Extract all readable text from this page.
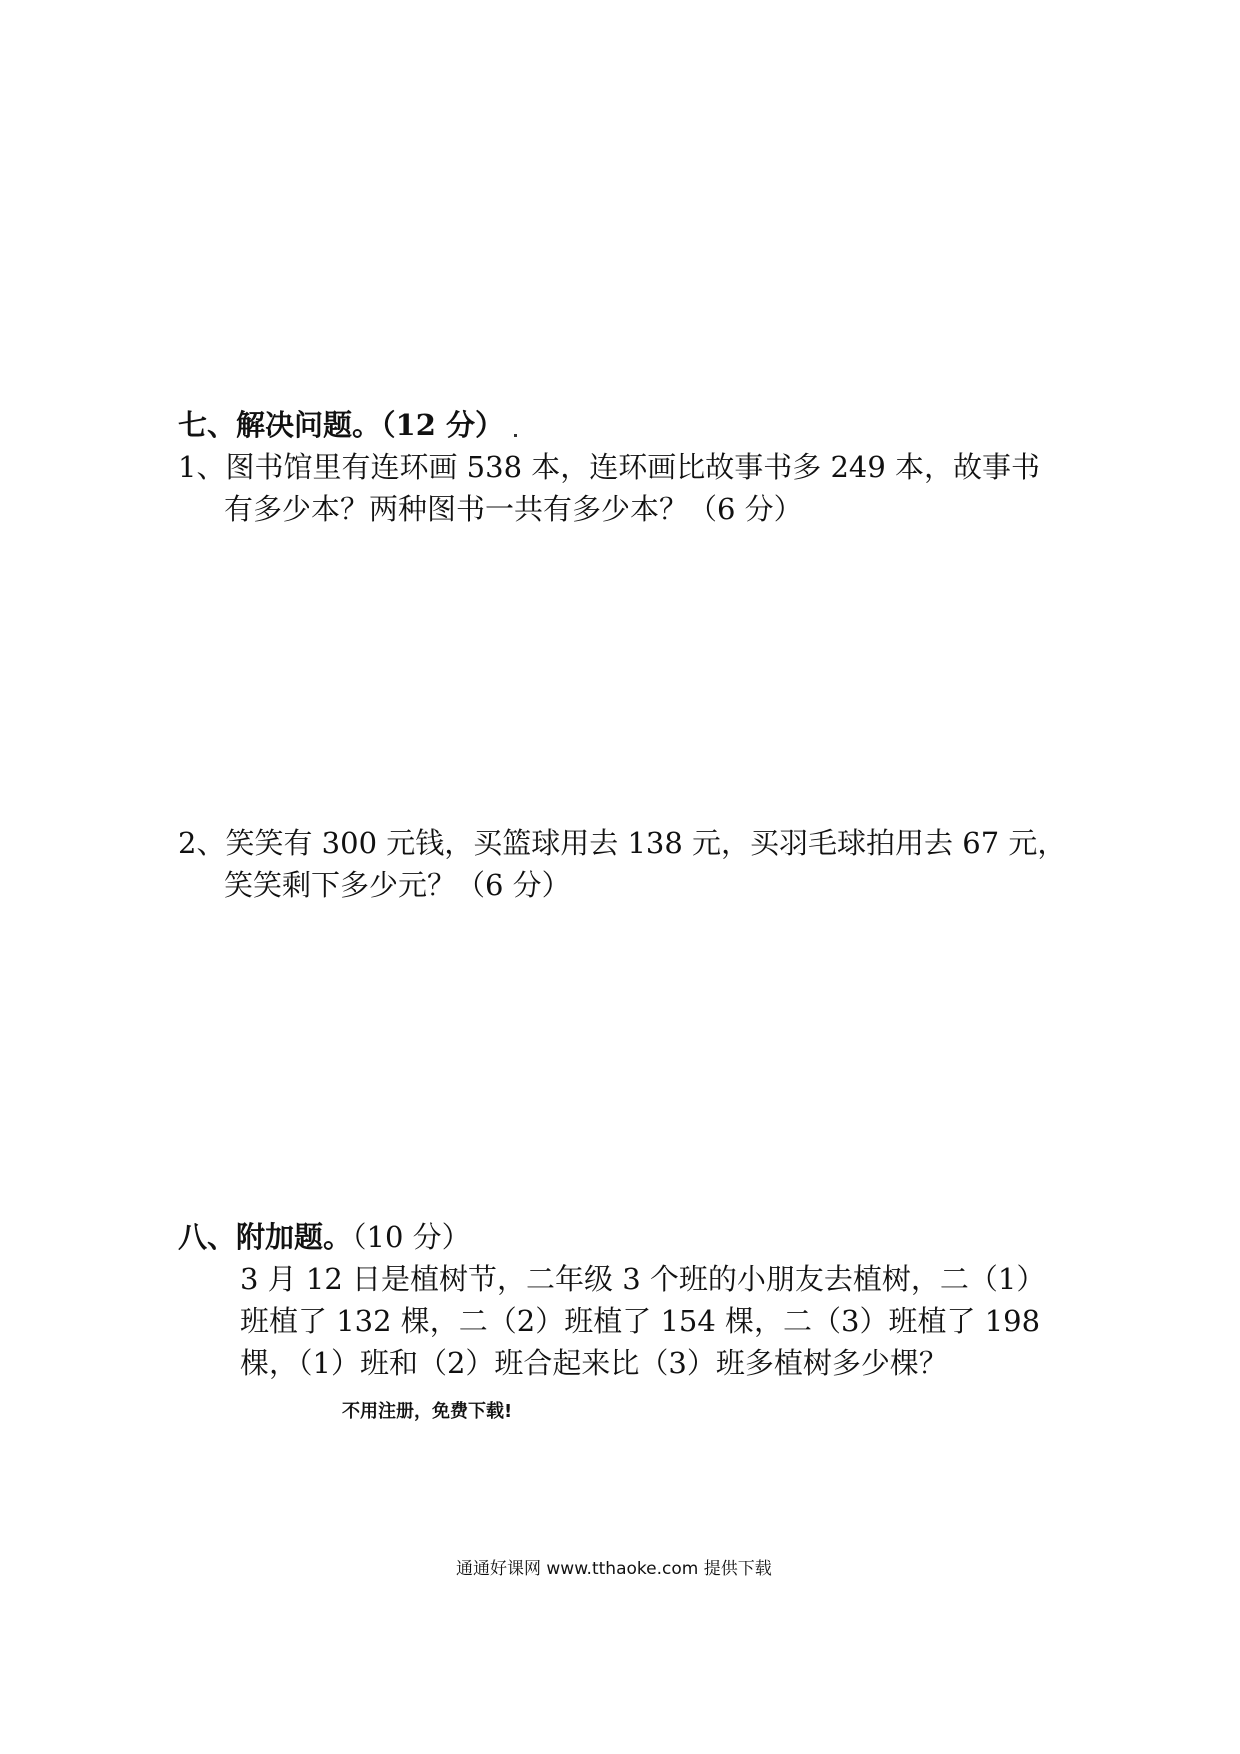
七、解决问题。（12 分）
1、图书馆里有连环画 538 本，连环画比故事书多 249 本，故事书
有多少本？两种图书一共有多少本？（6 分）
2、笑笑有 300 元钱，买篮球用去 138 元，买羽毛球拍用去 67 元，
笑笑剩下多少元？（6 分）
八、附加题。（10 分）
3 月 12 日是植树节，二年级 3 个班的小朋友去植树，二（1）
班植了 132 棵，二（2）班植了 154 棵，二（3）班植了 198
棵，（1）班和（2）班合起来比（3）班多植树多少棵？
不用注册，免费下载!
通通好课网 www.tthaoke.com 提供下载
